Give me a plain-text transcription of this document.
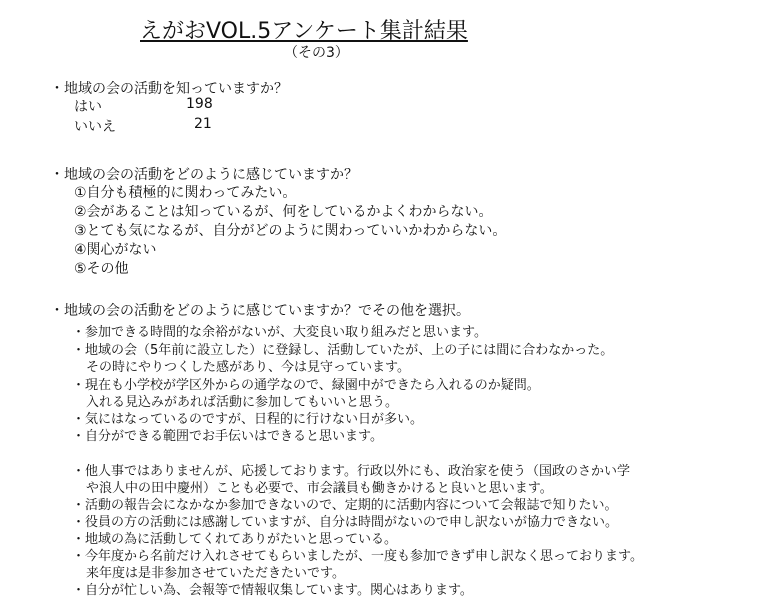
えがおVOL.5アンケート集計結果
（その3）
・地域の会の活動を知っていますか？
はい	198
いいえ	21
・地域の会の活動をどのように感じていますか？
①自分も積極的に関わってみたい。
②会があることは知っているが、何をしているかよくわからない。
③とても気になるが、自分がどのように関わっていいかわからない。
④関心がない
⑤その他
・地域の会の活動をどのように感じていますか？でその他を選択。
・参加できる時間的な余裕がないが、大変良い取り組みだと思います。
・地域の会（5年前に設立した）に登録し、活動していたが、上の子には間に合わなかった。
その時にやりつくした感があり、今は見守っています。
・現在も小学校が学区外からの通学なので、緑園中ができたら入れるのか疑問。
入れる見込みがあれば活動に参加してもいいと思う。
・気にはなっているのですが、日程的に行けない日が多い。
・自分ができる範囲でお手伝いはできると思います。
・他人事ではありませんが、応援しております。行政以外にも、政治家を使う（国政のさかい学
や浪人中の田中慶州）ことも必要で、市会議員も働きかけると良いと思います。
・活動の報告会になかなか参加できないので、定期的に活動内容について会報誌で知りたい。
・役員の方の活動には感謝していますが、自分は時間がないので申し訳ないが協力できない。
・地域の為に活動してくれてありがたいと思っている。
・今年度から名前だけ入れさせてもらいましたが、一度も参加できず申し訳なく思っております。
来年度は是非参加させていただきたいです。
・自分が忙しい為、会報等で情報収集しています。関心はあります。
